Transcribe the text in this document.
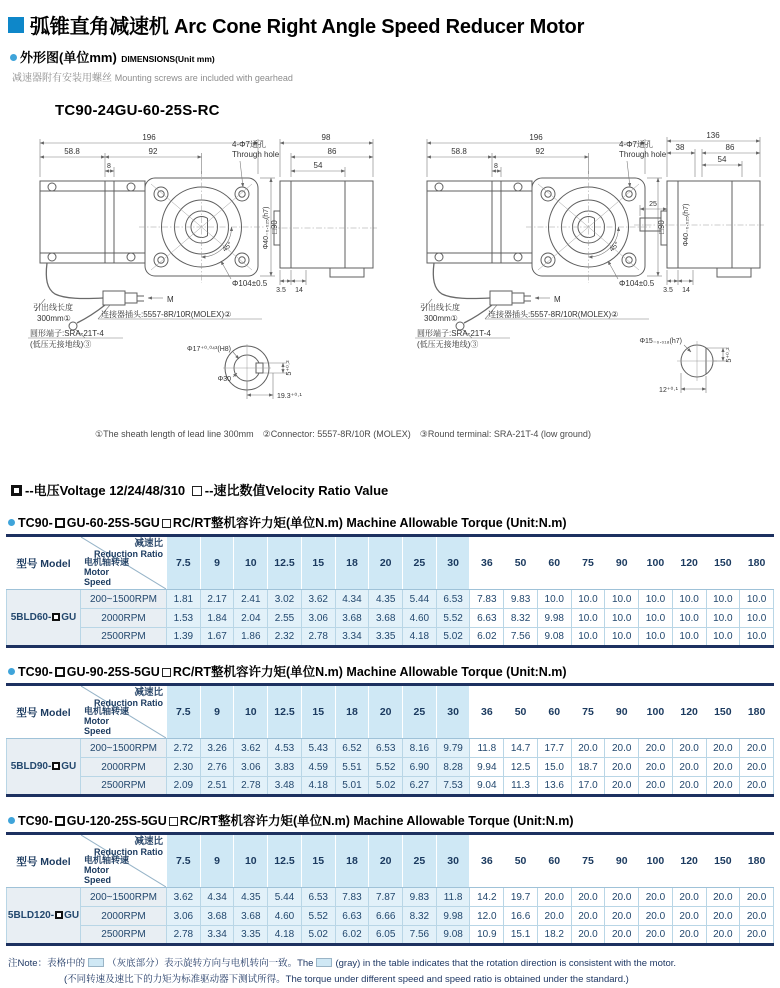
弧锥直角减速机 Arc Cone Right Angle Speed Reducer Motor
外形图(单位mm) DIMENSIONS(Unit mm)
减速器附有安装用螺丝 Mounting screws are included with gearhead
TC90-24GU-60-25S-RC
45°
196
58.8	92
8
4-Φ7通孔
Through hole
□90
Φ104±0.5
Φ40₋₀.₀₂₅(h7)
98
86
54
3.5 14
M
引出线长度
300mm①	连接器插头:5557-8R/10R(MOLEX)②
圆形端子:SRA-21T-4
(低压无接地线)③
Φ17⁺⁰·⁰⁴³(H8)
Φ30
19.3⁺⁰·¹
5⁺⁰·²
45°
196
58.8	92
8
4-Φ7通孔
Through hole
□90
Φ104±0.5
Φ40₋₀.₀₂₅(h7)
136
38	86
54
25
3.5 14
M
引出线长度
300mm①	连接器插头:5557-8R/10R(MOLEX)②
圆形端子:SRA-21T-4
(低压无接地线)③	Φ15₋₀.₀₁₈(h7)
12⁺⁰·¹
5⁺⁰·²
①The sheath length of lead line 300mm　②Connector: 5557-8R/10R (MOLEX)　③Round terminal: SRA-21T-4 (low ground)
--电压Voltage 12/24/48/310 --速比数值Velocity Ratio Value
TC90- GU-60-25S-5GU RC/RT整机容许力矩(单位N.m) Machine Allowable Torque (Unit:N.m)
型号 Model	减速比
Reduction Ratio
电机轴转速
Motor Speed	7.5	9	10	12.5	15	18	20	25	30	36	50	60	75	90	100	120	150	180
5BLD60- GU	200~1500RPM	1.81	2.17	2.41	3.02	3.62	4.34	4.35	5.44	6.53	7.83	9.83	10.0	10.0	10.0	10.0	10.0	10.0	10.0
	2000RPM	1.53	1.84	2.04	2.55	3.06	3.68	3.68	4.60	5.52	6.63	8.32	9.98	10.0	10.0	10.0	10.0	10.0	10.0
	2500RPM	1.39	1.67	1.86	2.32	2.78	3.34	3.35	4.18	5.02	6.02	7.56	9.08	10.0	10.0	10.0	10.0	10.0	10.0
TC90- GU-90-25S-5GU RC/RT整机容许力矩(单位N.m) Machine Allowable Torque (Unit:N.m)
型号 Model	减速比
Reduction Ratio
电机轴转速
Motor Speed	7.5	9	10	12.5	15	18	20	25	30	36	50	60	75	90	100	120	150	180
5BLD90- GU	200~1500RPM	2.72	3.26	3.62	4.53	5.43	6.52	6.53	8.16	9.79	11.8	14.7	17.7	20.0	20.0	20.0	20.0	20.0	20.0
	2000RPM	2.30	2.76	3.06	3.83	4.59	5.51	5.52	6.90	8.28	9.94	12.5	15.0	18.7	20.0	20.0	20.0	20.0	20.0
	2500RPM	2.09	2.51	2.78	3.48	4.18	5.01	5.02	6.27	7.53	9.04	11.3	13.6	17.0	20.0	20.0	20.0	20.0	20.0
TC90- GU-120-25S-5GU RC/RT整机容许力矩(单位N.m) Machine Allowable Torque (Unit:N.m)
型号 Model	减速比
Reduction Ratio
电机轴转速
Motor Speed	7.5	9	10	12.5	15	18	20	25	30	36	50	60	75	90	100	120	150	180
5BLD120- GU	200~1500RPM	3.62	4.34	4.35	5.44	6.53	7.83	7.87	9.83	11.8	14.2	19.7	20.0	20.0	20.0	20.0	20.0	20.0	20.0
	2000RPM	3.06	3.68	3.68	4.60	5.52	6.63	6.66	8.32	9.98	12.0	16.6	20.0	20.0	20.0	20.0	20.0	20.0	20.0
	2500RPM	2.78	3.34	3.35	4.18	5.02	6.02	6.05	7.56	9.08	10.9	15.1	18.2	20.0	20.0	20.0	20.0	20.0	20.0
注Note：表格中的 （灰底部分）表示旋转方向与电机转向一致。The (gray) in the table indicates that the rotation direction is consistent with the motor.
(不同转速及速比下的力矩为标准驱动器下测试所得。The torque under different speed and speed ratio is obtained under the standard.)
